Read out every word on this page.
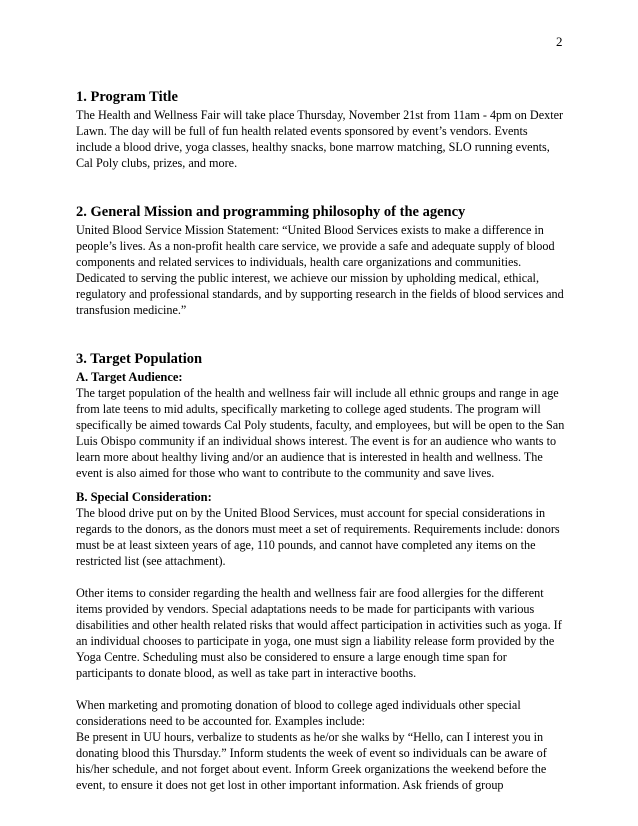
2
1. Program Title

The Health and Wellness Fair will take place Thursday, November 21st from 11am - 4pm on Dexter Lawn. The day will be full of fun health related events sponsored by event’s vendors. Events include a blood drive, yoga classes, healthy snacks, bone marrow matching, SLO running events, Cal Poly clubs, prizes, and more.

2. General Mission and programming philosophy of the agency

United Blood Service Mission Statement: “United Blood Services exists to make a difference in people’s lives. As a non-profit health care service, we provide a safe and adequate supply of blood components and related services to individuals, health care organizations and communities. Dedicated to serving the public interest, we achieve our mission by upholding medical, ethical, regulatory and professional standards, and by supporting research in the fields of blood services and transfusion medicine.”

3. Target Population
A. Target Audience:

The target population of the health and wellness fair will include all ethnic groups and range in age from late teens to mid adults, specifically marketing to college aged students. The program will specifically be aimed towards Cal Poly students, faculty, and employees, but will be open to the San Luis Obispo community if an individual shows interest. The event is for an audience who wants to learn more about healthy living and/or an audience that is interested in health and wellness. The event is also aimed for those who want to contribute to the community and save lives.

B. Special Consideration:

The blood drive put on by the United Blood Services, must account for special considerations in regards to the donors, as the donors must meet a set of requirements. Requirements include: donors must be at least sixteen years of age, 110 pounds, and cannot have completed any items on the restricted list (see attachment).

Other items to consider regarding the health and wellness fair are food allergies for the different items provided by vendors. Special adaptations needs to be made for participants with various disabilities and other health related risks that would affect participation in activities such as yoga. If an individual chooses to participate in yoga, one must sign a liability release form provided by the Yoga Centre. Scheduling must also be considered to ensure a large enough time span for participants to donate blood, as well as take part in interactive booths.

When marketing and promoting donation of blood to college aged individuals other special considerations need to be accounted for. Examples include:

Be present in UU hours, verbalize to students as he/or she walks by “Hello, can I interest you in donating blood this Thursday.” Inform students the week of event so individuals can be aware of his/her schedule, and not forget about event. Inform Greek organizations the weekend before the event, to ensure it does not get lost in other important information. Ask friends of group
